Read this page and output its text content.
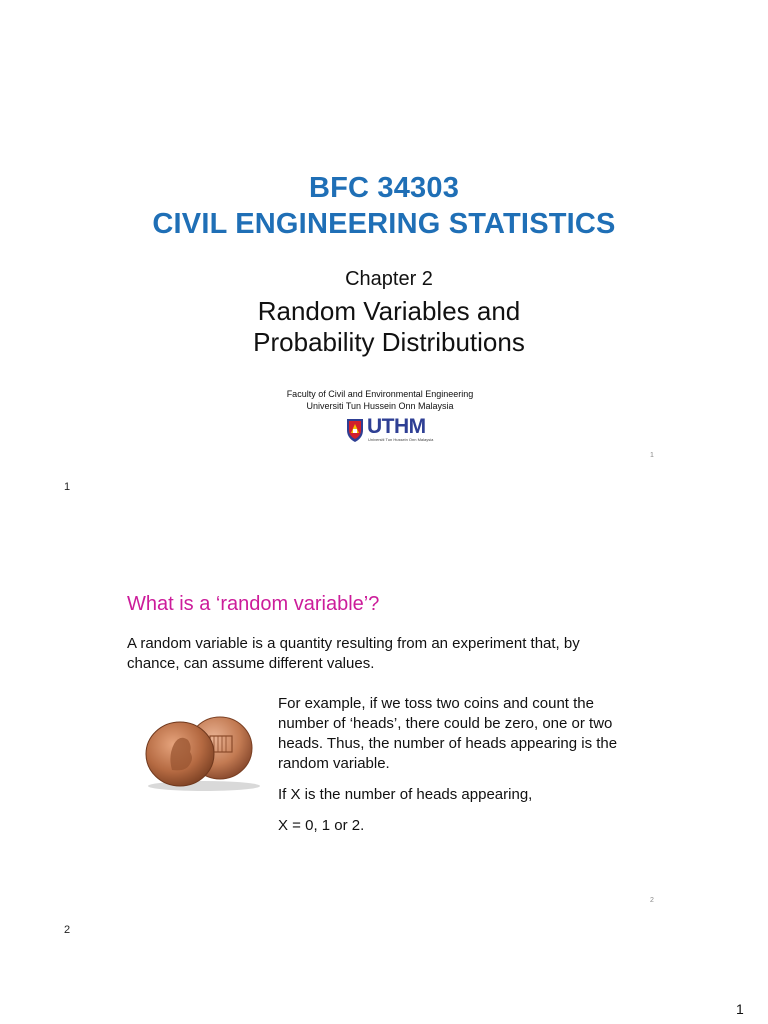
BFC 34303
CIVIL ENGINEERING STATISTICS
Chapter 2
Random Variables and
Probability Distributions
Faculty of Civil and Environmental Engineering
Universiti Tun Hussein Onn Malaysia
UTHM
Universiti Tun Hussein Onn Malaysia
1
1
What is a ‘random variable’?
A random variable is a quantity resulting from an experiment that, by chance, can assume different values.
For example, if we toss two coins and count the number of ‘heads’, there could be zero, one or two heads. Thus, the number of heads appearing is the random variable.
If X is the number of heads appearing,
X = 0, 1 or 2.
2
2
1
